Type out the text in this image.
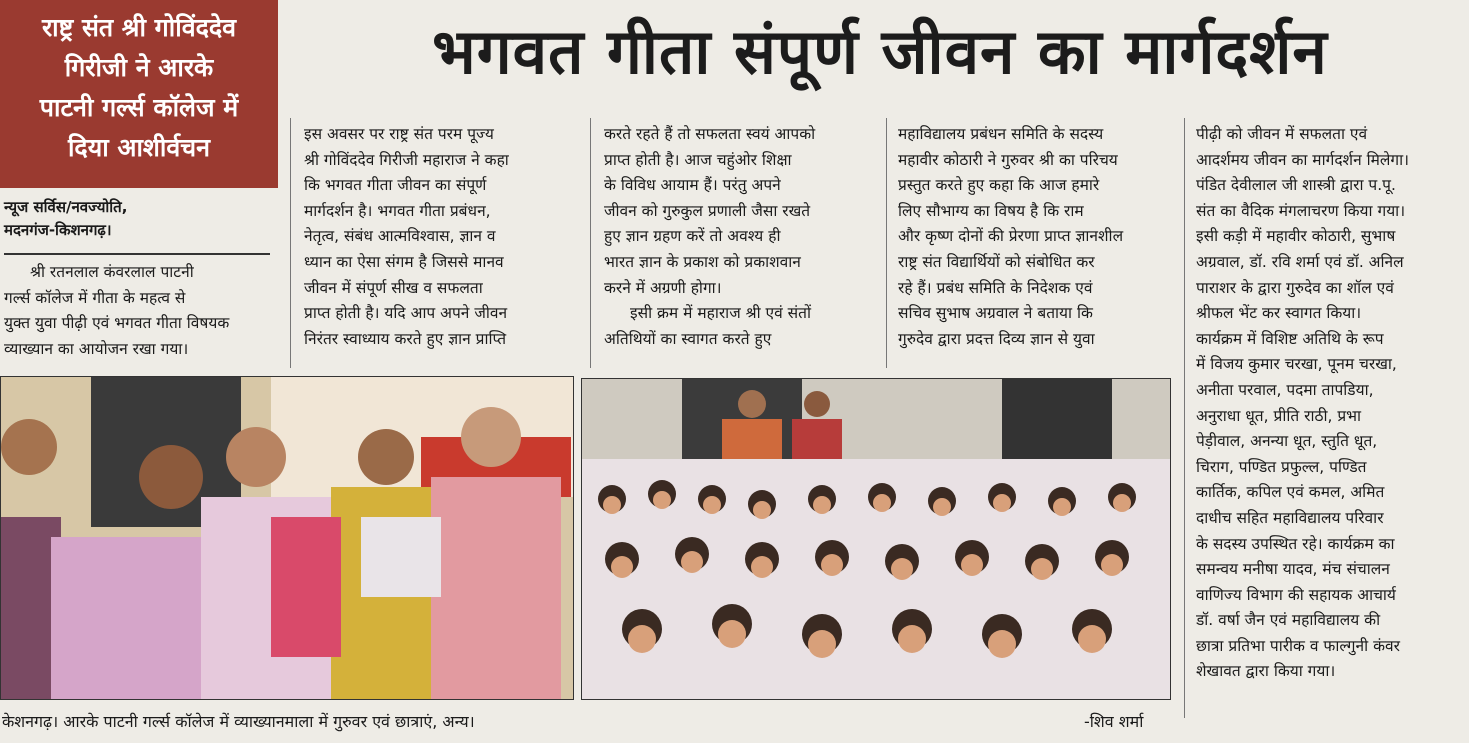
राष्ट्र संत श्री गोविंददेव
गिरीजी ने आरके
पाटनी गर्ल्स कॉलेज में
दिया आशीर्वचन
भगवत गीता संपूर्ण जीवन का मार्गदर्शन
न्यूज सर्विस/नवज्योति,
मदनगंज-किशनगढ़।
श्री रतनलाल कंवरलाल पाटनी
गर्ल्स कॉलेज में गीता के महत्व से
युक्त युवा पीढ़ी एवं भगवत गीता विषयक
व्याख्यान का आयोजन रखा गया।
इस अवसर पर राष्ट्र संत परम पूज्य
श्री गोविंददेव गिरीजी महाराज ने कहा
कि भगवत गीता जीवन का संपूर्ण
मार्गदर्शन है। भगवत गीता प्रबंधन,
नेतृत्व, संबंध आत्मविश्वास, ज्ञान व
ध्यान का ऐसा संगम है जिससे मानव
जीवन में संपूर्ण सीख व सफलता
प्राप्त होती है। यदि आप अपने जीवन
निरंतर स्वाध्याय करते हुए ज्ञान प्राप्ति
करते रहते हैं तो सफलता स्वयं आपको
प्राप्त होती है। आज चहुंओर शिक्षा
के विविध आयाम हैं। परंतु अपने
जीवन को गुरुकुल प्रणाली जैसा रखते
हुए ज्ञान ग्रहण करें तो अवश्य ही
भारत ज्ञान के प्रकाश को प्रकाशवान
करने में अग्रणी होगा।
इसी क्रम में महाराज श्री एवं संतों
अतिथियों का स्वागत करते हुए
महाविद्यालय प्रबंधन समिति के सदस्य
महावीर कोठारी ने गुरुवर श्री का परिचय
प्रस्तुत करते हुए कहा कि आज हमारे
लिए सौभाग्य का विषय है कि राम
और कृष्ण दोनों की प्रेरणा प्राप्त ज्ञानशील
राष्ट्र संत विद्यार्थियों को संबोधित कर
रहे हैं। प्रबंध समिति के निदेशक एवं
सचिव सुभाष अग्रवाल ने बताया कि
गुरुदेव द्वारा प्रदत्त दिव्य ज्ञान से युवा
पीढ़ी को जीवन में सफलता एवं
आदर्शमय जीवन का मार्गदर्शन मिलेगा।
पंडित देवीलाल जी शास्त्री द्वारा प.पू.
संत का वैदिक मंगलाचरण किया गया।
इसी कड़ी में महावीर कोठारी, सुभाष
अग्रवाल, डॉ. रवि शर्मा एवं डॉ. अनिल
पाराशर के द्वारा गुरुदेव का शॉल एवं
श्रीफल भेंट कर स्वागत किया।
कार्यक्रम में विशिष्ट अतिथि के रूप
में विजय कुमार चरखा, पूनम चरखा,
अनीता परवाल, पदमा तापडिया,
अनुराधा धूत, प्रीति राठी, प्रभा
पेड़ीवाल, अनन्या धूत, स्तुति धूत,
चिराग, पण्डित प्रफुल्ल, पण्डित
कार्तिक, कपिल एवं कमल, अमित
दाधीच सहित महाविद्यालय परिवार
के सदस्य उपस्थित रहे। कार्यक्रम का
समन्वय मनीषा यादव, मंच संचालन
वाणिज्य विभाग की सहायक आचार्य
डॉ. वर्षा जैन एवं महाविद्यालय की
छात्रा प्रतिभा पारीक व फाल्गुनी कंवर
शेखावत द्वारा किया गया।
केशनगढ़। आरके पाटनी गर्ल्स कॉलेज में व्याख्यानमाला में गुरुवर एवं छात्राएं, अन्य।	-शिव शर्मा
